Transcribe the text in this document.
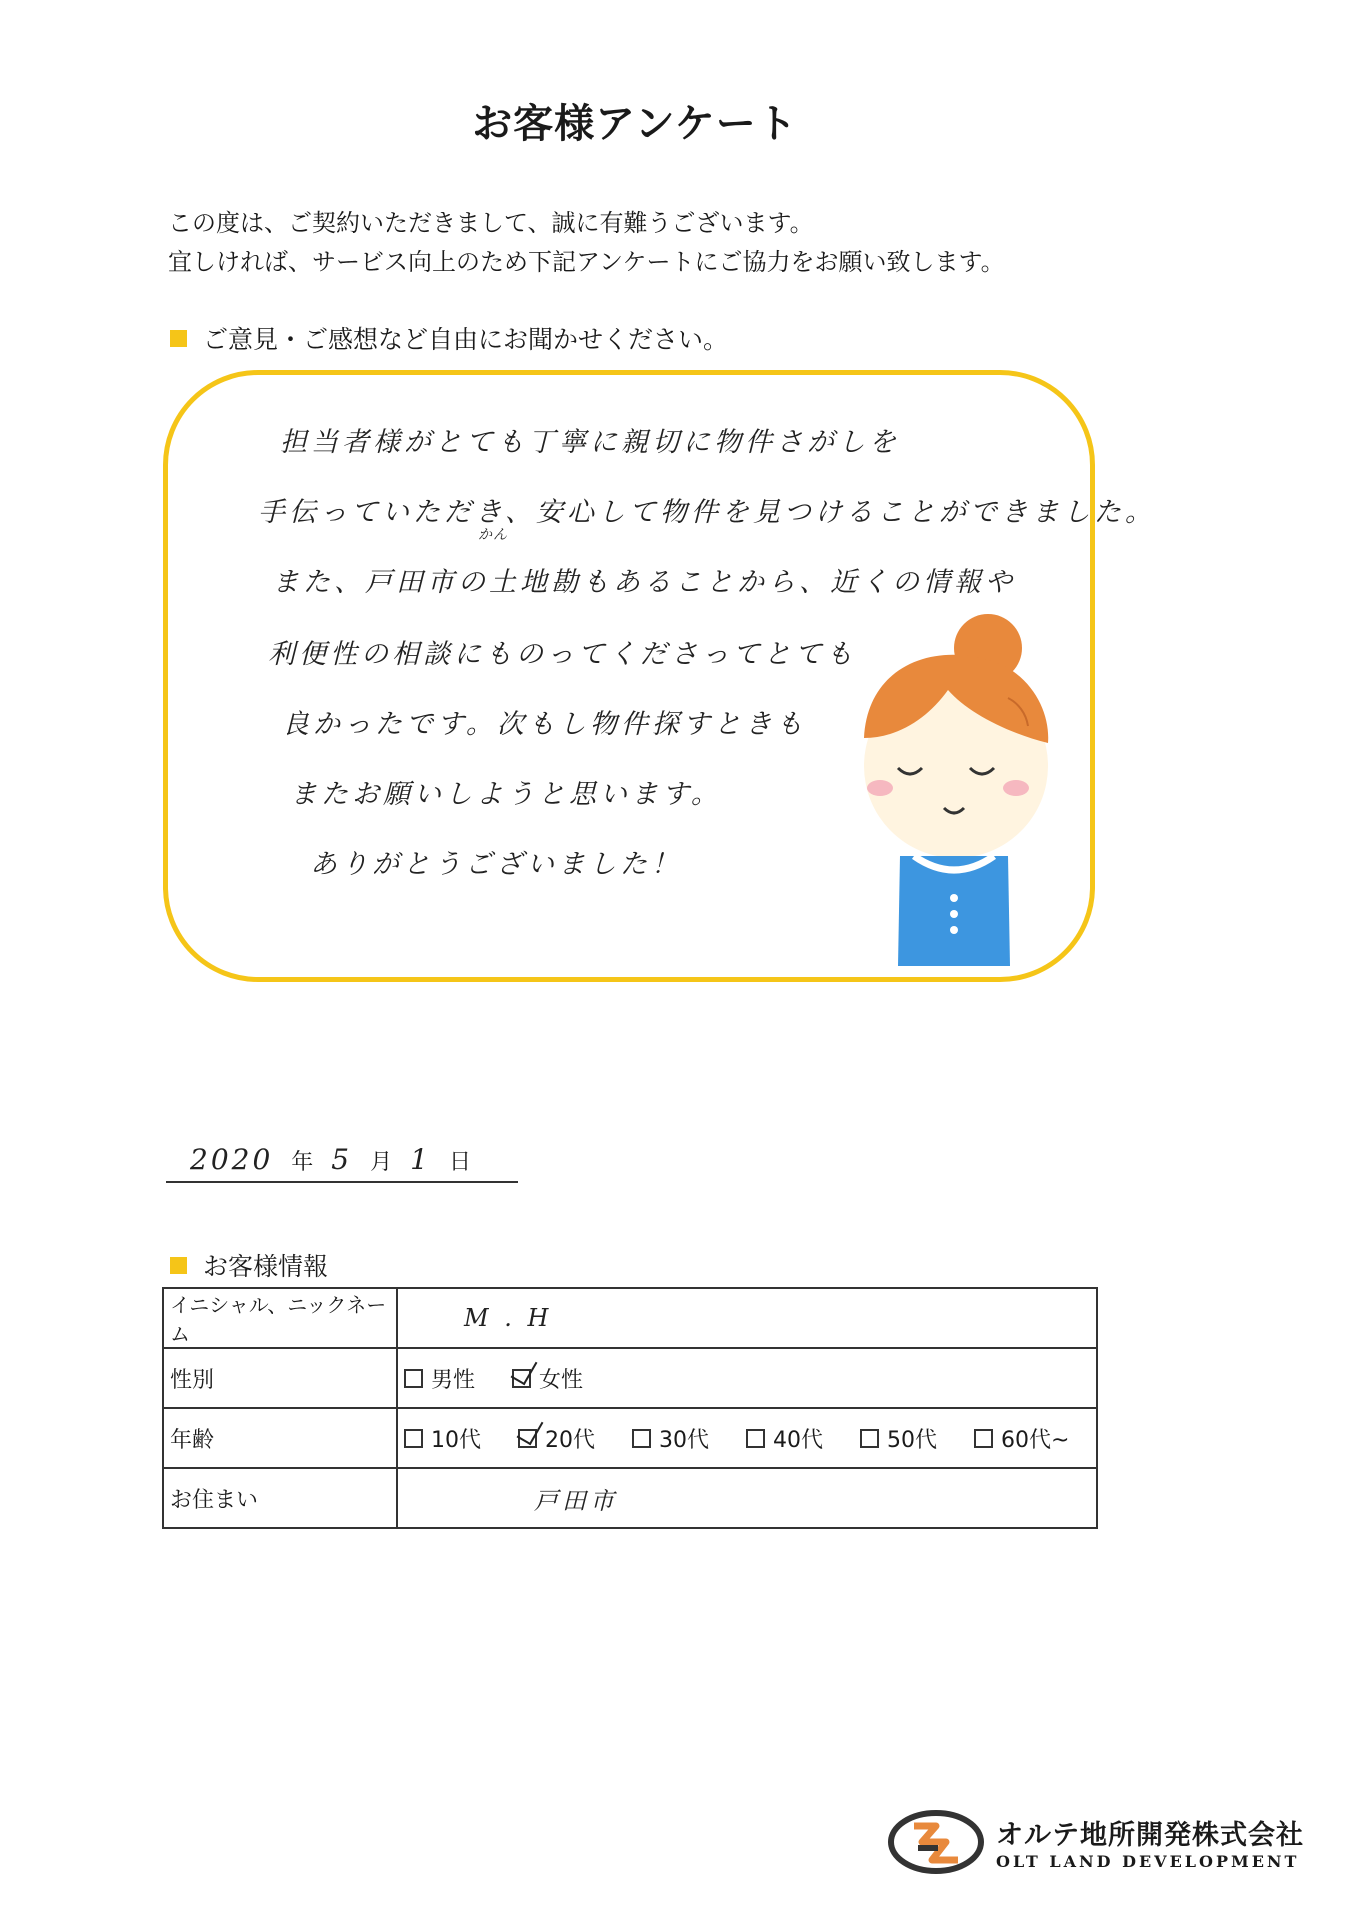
お客様アンケート
この度は、ご契約いただきまして、誠に有難うございます。
宜しければ、サービス向上のため下記アンケートにご協力をお願い致します。
ご意見・ご感想など自由にお聞かせください。
担当者様がとても丁寧に親切に物件さがしを
手伝っていただき、安心して物件を見つけることができました。
かん
また、戸田市の土地勘もあることから、近くの情報や
利便性の相談にものってくださってとても
良かったです。次もし物件探すときも
またお願いしようと思います。
ありがとうございました！
2020 年 5 月 1 日
お客様情報
イニシャル、ニックネーム	M . H
性別	男性 女性
年齢	10代 20代 30代 40代 50代 60代~
お住まい	戸田市
オルテ地所開発株式会社
OLT LAND DEVELOPMENT
